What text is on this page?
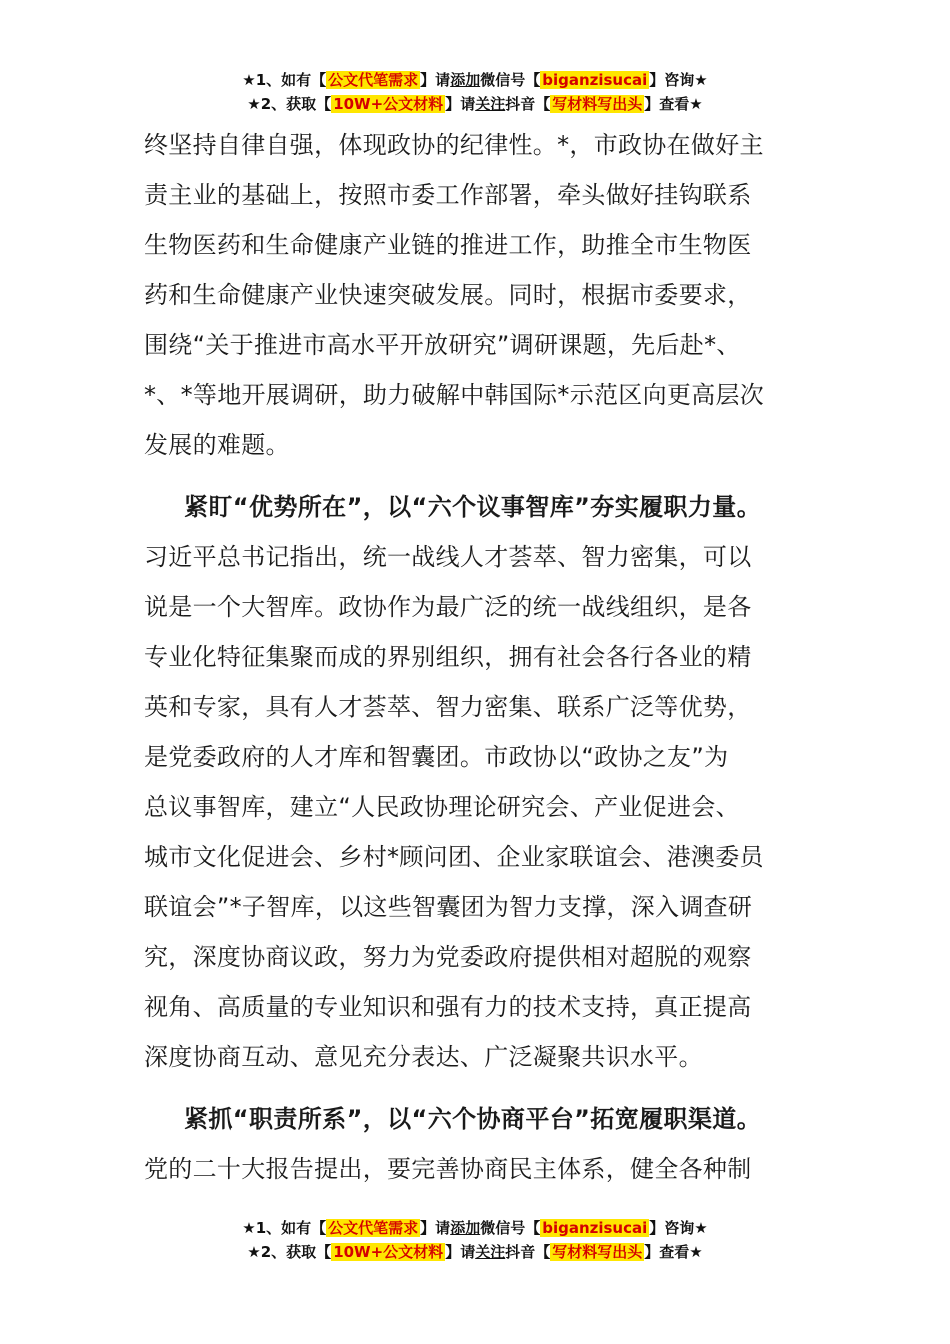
★1、如有【 公文代笔需求 】请添加微信号【 biganzisucai 】咨询★
★2、获取【 10W+公文材料 】请关注抖音【 写材料写出头 】查看★
终坚持自律自强，体现政协的纪律性。*，市政协在做好主
责主业的基础上，按照市委工作部署，牵头做好挂钩联系
生物医药和生命健康产业链的推进工作，助推全市生物医
药和生命健康产业快速突破发展。同时，根据市委要求，
围绕“关于推进市高水平开放研究”调研课题，先后赴*、
*、*等地开展调研，助力破解中韩国际*示范区向更高层次
发展的难题。
紧盯“优势所在”，以“六个议事智库”夯实履职力量。
习近平总书记指出，统一战线人才荟萃、智力密集，可以
说是一个大智库。政协作为最广泛的统一战线组织，是各
专业化特征集聚而成的界别组织，拥有社会各行各业的精
英和专家，具有人才荟萃、智力密集、联系广泛等优势，
是党委政府的人才库和智囊团。市政协以“政协之友”为
总议事智库，建立“人民政协理论研究会、产业促进会、
城市文化促进会、乡村*顾问团、企业家联谊会、港澳委员
联谊会”*子智库，以这些智囊团为智力支撑，深入调查研
究，深度协商议政，努力为党委政府提供相对超脱的观察
视角、高质量的专业知识和强有力的技术支持，真正提高
深度协商互动、意见充分表达、广泛凝聚共识水平。
紧抓“职责所系”，以“六个协商平台”拓宽履职渠道。
党的二十大报告提出，要完善协商民主体系，健全各种制
★1、如有【 公文代笔需求 】请添加微信号【 biganzisucai 】咨询★
★2、获取【 10W+公文材料 】请关注抖音【 写材料写出头 】查看★
